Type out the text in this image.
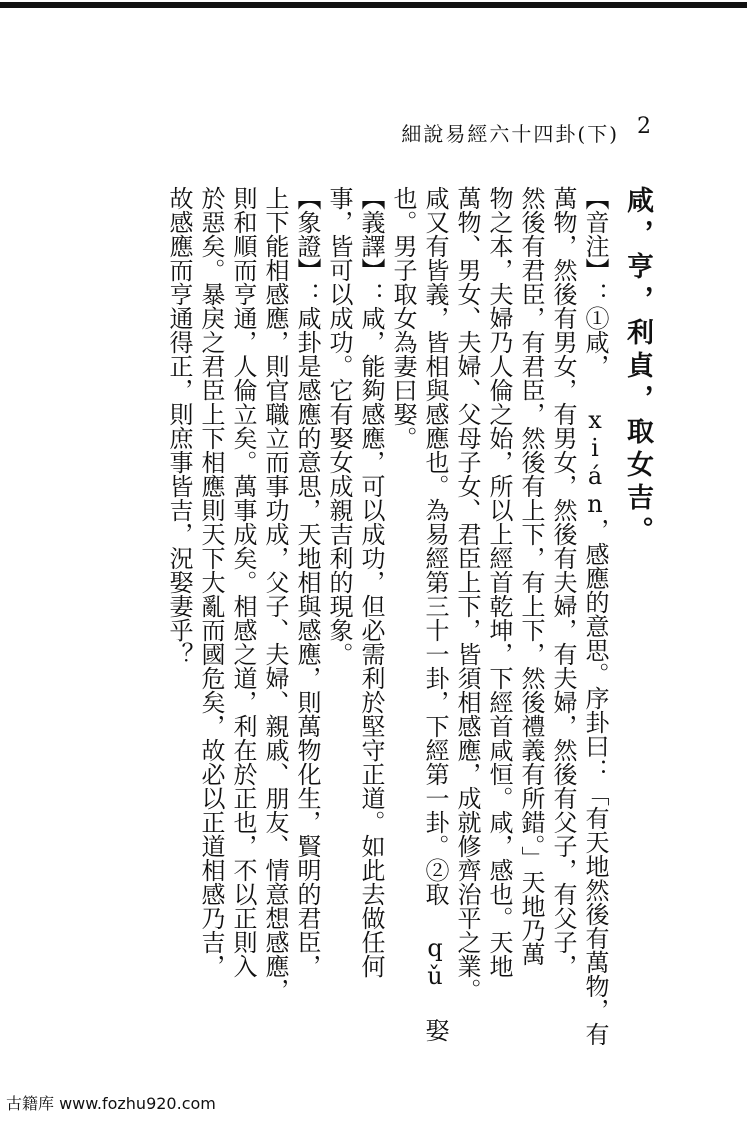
細說易經六十四卦(下) 2
咸，亨，利貞，取女吉。
【音注】：①咸， xián，感應的意思。序卦曰：「有天地然後有萬物，有
萬物，然後有男女，有男女，然後有夫婦，有夫婦，然後有父子，有父子，
然後有君臣，有君臣，然後有上下，有上下，然後禮義有所錯。」天地乃萬
物之本，夫婦乃人倫之始，所以上經首乾坤，下經首咸恒。咸，感也。天地
萬物、男女、夫婦、父母子女、君臣上下，皆須相感應，成就修齊治平之業。
咸又有皆義，皆相與感應也。為易經第三十一卦，下經第一卦。②取 qǔ 娶
也。男子取女為妻曰娶。
【義譯】：咸，能夠感應，可以成功，但必需利於堅守正道。如此去做任何
事，皆可以成功。它有娶女成親吉利的現象。
【象證】：咸卦是感應的意思，天地相與感應，則萬物化生，賢明的君臣，
上下能相感應，則官職立而事功成，父子、夫婦、親戚、朋友、情意想感應，
則和順而亨通，人倫立矣。萬事成矣。相感之道，利在於正也，不以正則入
於惡矣。暴戾之君臣上下相應則天下大亂而國危矣，故必以正道相感乃吉，
故感應而亨通得正，則庶事皆吉，況娶妻乎？
古籍库 www.fozhu920.com
